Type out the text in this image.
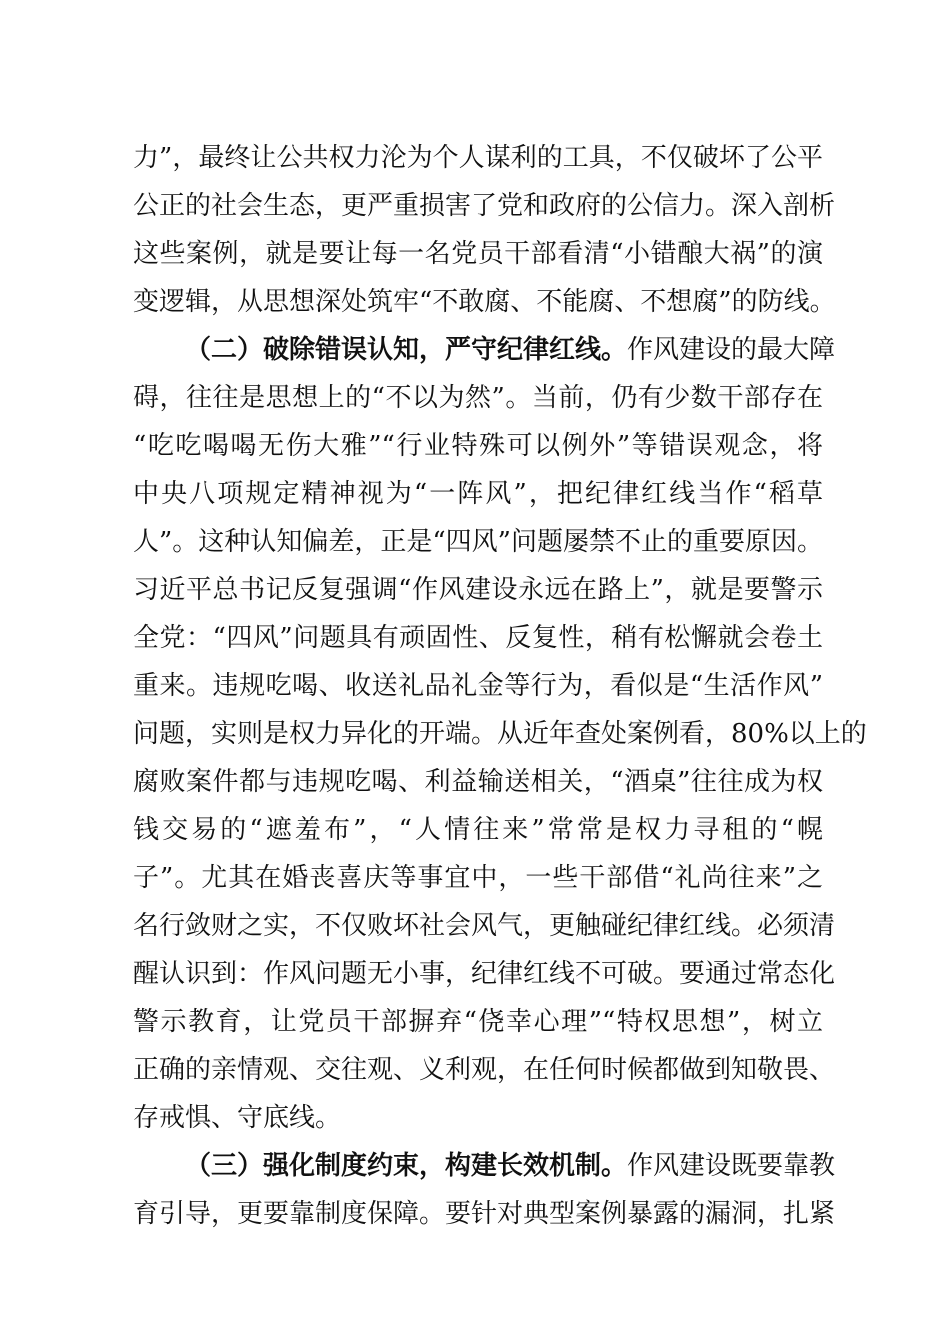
力”，最终让公共权力沦为个人谋利的工具，不仅破坏了公平
公正的社会生态，更严重损害了党和政府的公信力。深入剖析
这些案例，就是要让每一名党员干部看清“小错酿大祸”的演
变逻辑，从思想深处筑牢“不敢腐、不能腐、不想腐”的防线。
（二）破除错误认知，严守纪律红线。作风建设的最大障
碍，往往是思想上的“不以为然”。当前，仍有少数干部存在
“吃吃喝喝无伤大雅”“行业特殊可以例外”等错误观念，将
中央八项规定精神视为“一阵风”，把纪律红线当作“稻草
人”。这种认知偏差，正是“四风”问题屡禁不止的重要原因。
习近平总书记反复强调“作风建设永远在路上”，就是要警示
全党：“四风”问题具有顽固性、反复性，稍有松懈就会卷土
重来。违规吃喝、收送礼品礼金等行为，看似是“生活作风”
问题，实则是权力异化的开端。从近年查处案例看，80%以上的
腐败案件都与违规吃喝、利益输送相关，“酒桌”往往成为权
钱交易的“遮羞布”，“人情往来”常常是权力寻租的“幌
子”。尤其在婚丧喜庆等事宜中，一些干部借“礼尚往来”之
名行敛财之实，不仅败坏社会风气，更触碰纪律红线。必须清
醒认识到：作风问题无小事，纪律红线不可破。要通过常态化
警示教育，让党员干部摒弃“侥幸心理”“特权思想”，树立
正确的亲情观、交往观、义利观，在任何时候都做到知敬畏、
存戒惧、守底线。
（三）强化制度约束，构建长效机制。作风建设既要靠教
育引导，更要靠制度保障。要针对典型案例暴露的漏洞，扎紧
